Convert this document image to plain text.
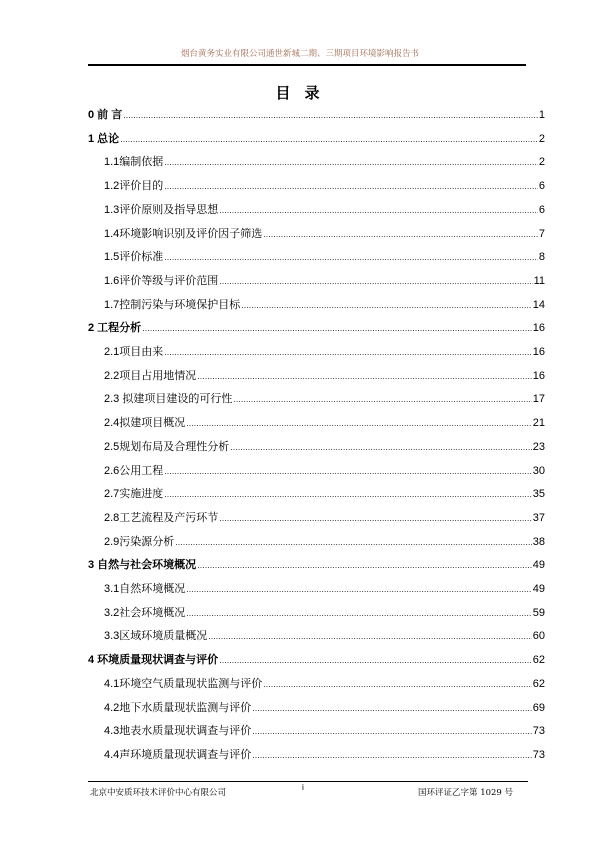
烟台黄务实业有限公司通世新城二期、三期项目环境影响报告书
目录
0 前 言 .....	1
1 总论 .....	2
1.1编制依据 .....	2
1.2评价目的 .....	6
1.3评价原则及指导思想 .....	6
1.4环境影响识别及评价因子筛选 .....	7
1.5评价标准 .....	8
1.6评价等级与评价范围 .....	11
1.7控制污染与环境保护目标 .....	14
2 工程分析 .....	16
2.1项目由来 .....	16
2.2项目占用地情况 .....	16
2.3 拟建项目建设的可行性 .....	17
2.4拟建项目概况 .....	21
2.5规划布局及合理性分析 .....	23
2.6公用工程 .....	30
2.7实施进度 .....	35
2.8工艺流程及产污环节 .....	37
2.9污染源分析 .....	38
3 自然与社会环境概况 .....	49
3.1自然环境概况 .....	49
3.2社会环境概况 .....	59
3.3区域环境质量概况 .....	60
4 环境质量现状调查与评价 .....	62
4.1环境空气质量现状监测与评价 .....	62
4.2地下水质量现状监测与评价 .....	69
4.3地表水质量现状调查与评价 .....	73
4.4声环境质量现状调查与评价 .....	73
北京中安质环技术评价中心有限公司
i
国环评证乙字第 1029 号
